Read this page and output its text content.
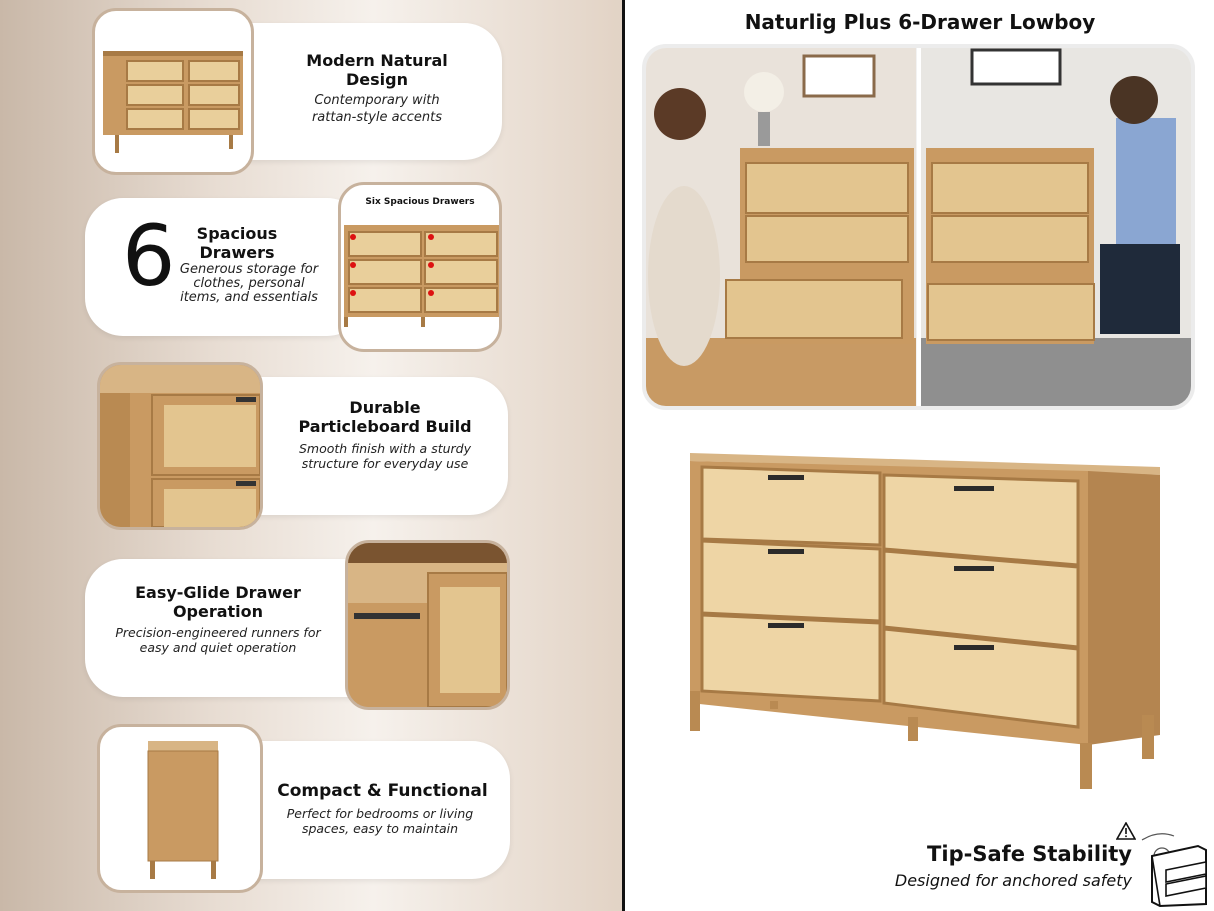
Modern Natural Design
Contemporary with rattan-style accents
6 Spacious Drawers
Generous storage for clothes, personal items, and essentials
Six Spacious Drawers
Durable Particleboard Build
Smooth finish with a sturdy structure for everyday use
Easy-Glide Drawer Operation
Precision-engineered runners for easy and quiet operation
Compact & Functional
Perfect for bedrooms or living spaces, easy to maintain
Naturlig Plus 6-Drawer Lowboy
Tip-Safe Stability
Designed for anchored safety
